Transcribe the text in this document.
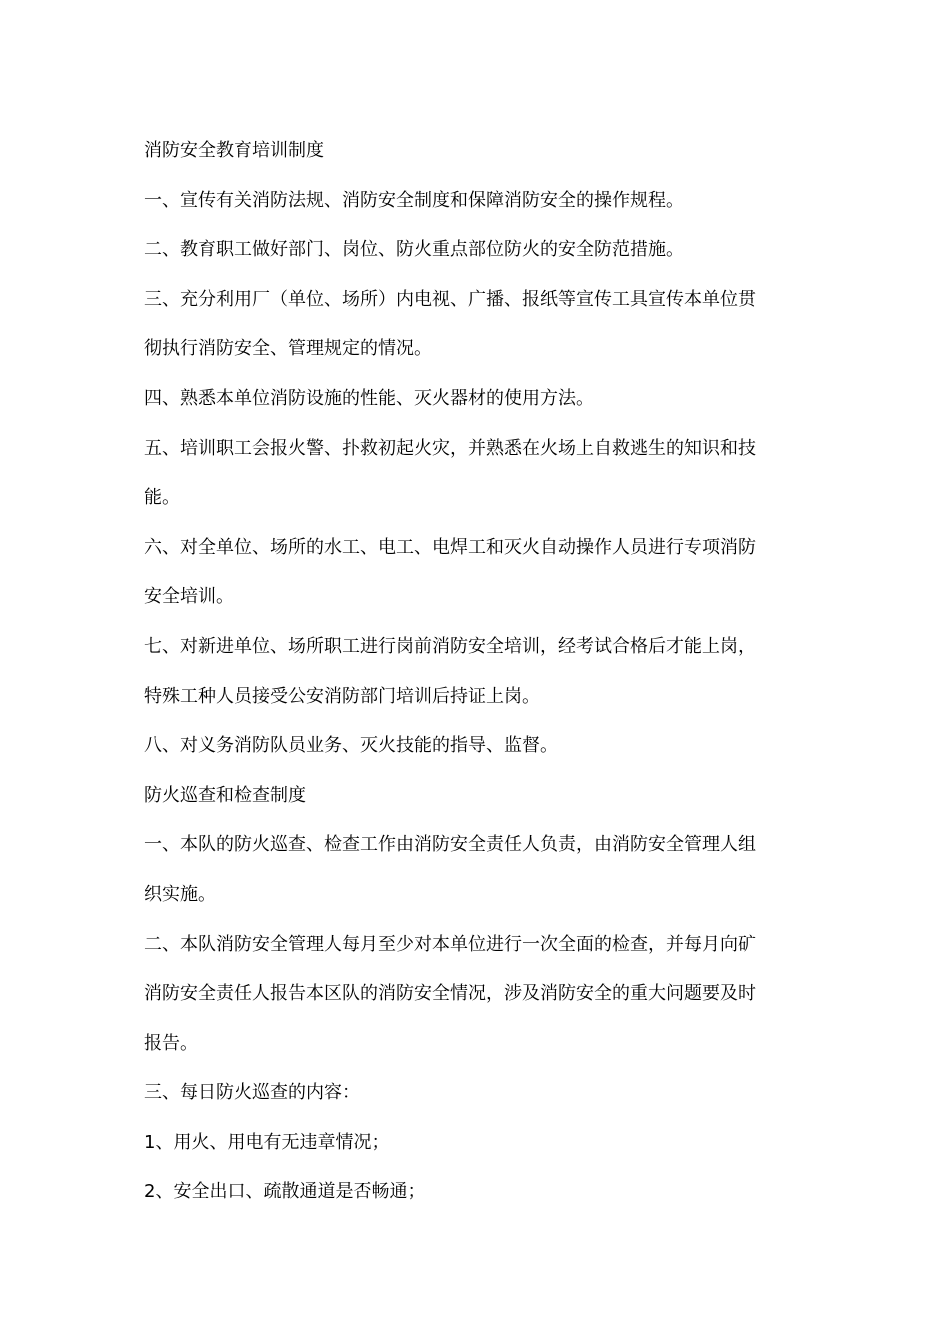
消防安全教育培训制度
一、宣传有关消防法规、消防安全制度和保障消防安全的操作规程。
二、教育职工做好部门、岗位、防火重点部位防火的安全防范措施。
三、充分利用厂（单位、场所）内电视、广播、报纸等宣传工具宣传本单位贯
彻执行消防安全、管理规定的情况。
四、熟悉本单位消防设施的性能、灭火器材的使用方法。
五、培训职工会报火警、扑救初起火灾，并熟悉在火场上自救逃生的知识和技
能。
六、对全单位、场所的水工、电工、电焊工和灭火自动操作人员进行专项消防
安全培训。
七、对新进单位、场所职工进行岗前消防安全培训，经考试合格后才能上岗，
特殊工种人员接受公安消防部门培训后持证上岗。
八、对义务消防队员业务、灭火技能的指导、监督。
防火巡查和检查制度
一、本队的防火巡查、检查工作由消防安全责任人负责，由消防安全管理人组
织实施。
二、本队消防安全管理人每月至少对本单位进行一次全面的检查，并每月向矿
消防安全责任人报告本区队的消防安全情况，涉及消防安全的重大问题要及时
报告。
三、每日防火巡查的内容：
1、用火、用电有无违章情况；
2、安全出口、疏散通道是否畅通；
